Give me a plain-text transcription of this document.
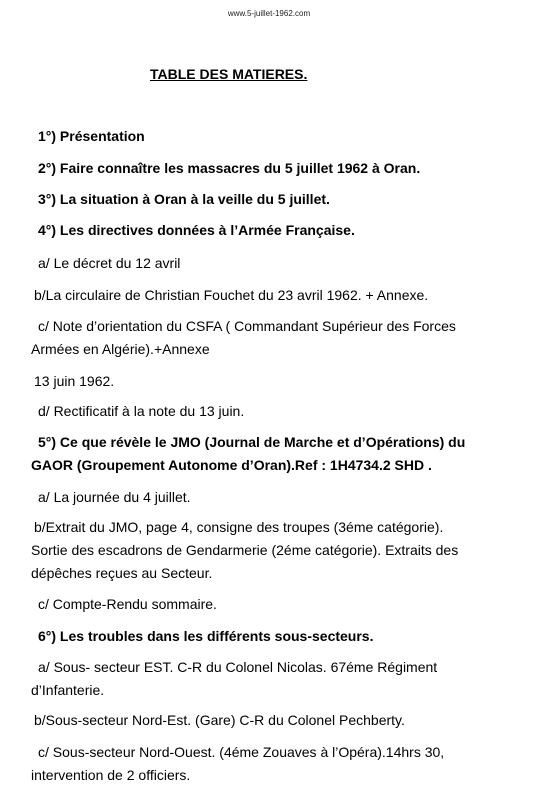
www.5-juillet-1962.com
TABLE DES MATIERES.
1°) Présentation
2°) Faire connaître les massacres du 5 juillet 1962 à Oran.
3°) La situation à Oran à la veille du 5 juillet.
4°) Les directives données à l’Armée Française.
a/ Le décret du 12 avril
b/La circulaire de Christian Fouchet du 23 avril 1962. + Annexe.
c/ Note d’orientation du CSFA ( Commandant Supérieur des Forces
Armées en Algérie).+Annexe
13 juin 1962.
d/ Rectificatif à la note du 13 juin.
5°) Ce que révèle le JMO (Journal de Marche et d’Opérations) du
GAOR (Groupement Autonome d’Oran).Ref : 1H4734.2 SHD .
a/ La journée du 4 juillet.
b/Extrait du JMO, page 4, consigne des troupes (3éme catégorie).
Sortie des escadrons de Gendarmerie (2éme catégorie). Extraits des
dépêches reçues au Secteur.
c/ Compte-Rendu sommaire.
6°) Les troubles dans les différents sous-secteurs.
a/ Sous- secteur EST. C-R du Colonel Nicolas. 67éme Régiment
d’Infanterie.
b/Sous-secteur Nord-Est. (Gare) C-R du Colonel Pechberty.
c/ Sous-secteur Nord-Ouest. (4éme Zouaves à l’Opéra).14hrs 30,
intervention de 2 officiers.
